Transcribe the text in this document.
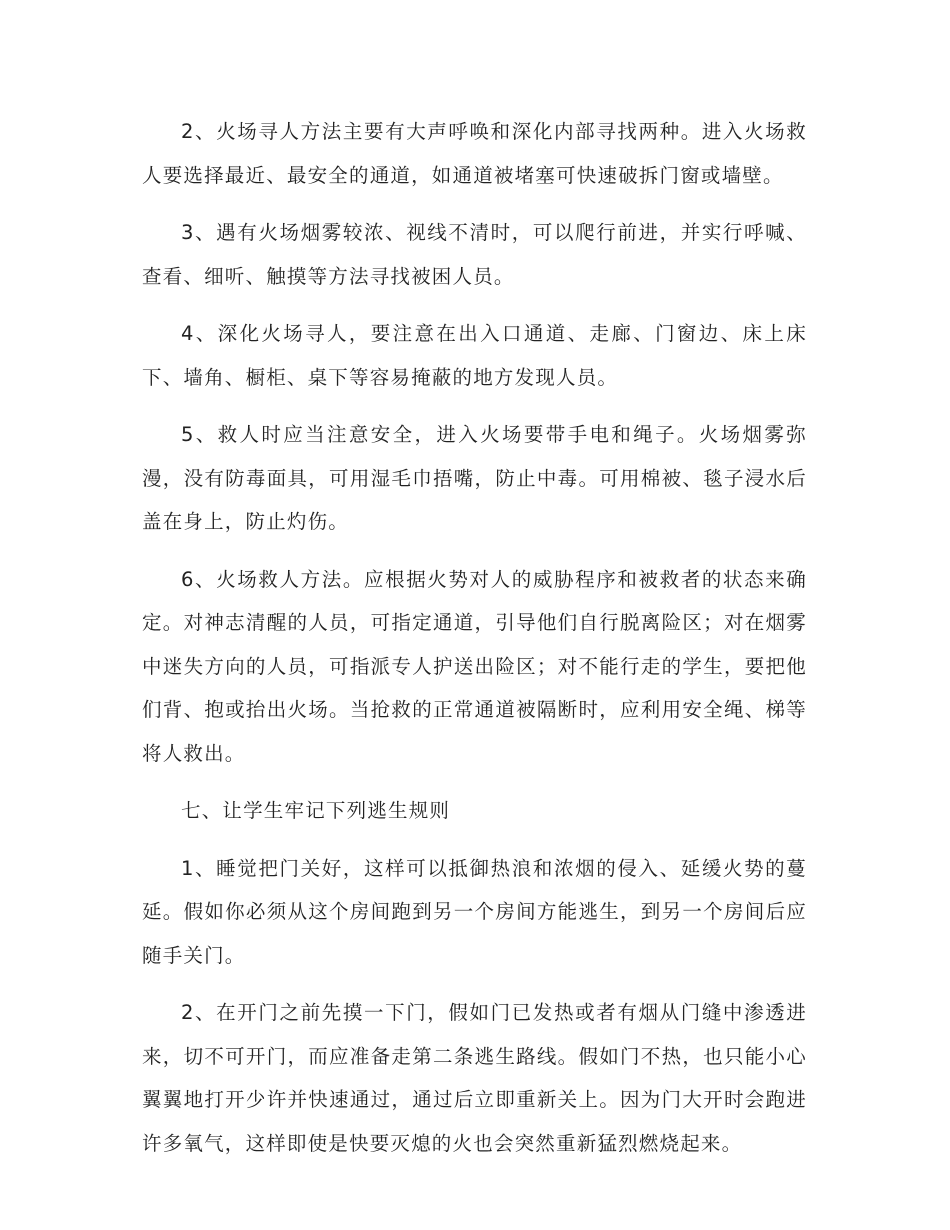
2、火场寻人方法主要有大声呼唤和深化内部寻找两种。进入火场救人要选择最近、最安全的通道，如通道被堵塞可快速破拆门窗或墙壁。

3、遇有火场烟雾较浓、视线不清时，可以爬行前进，并实行呼喊、查看、细听、触摸等方法寻找被困人员。

4、深化火场寻人，要注意在出入口通道、走廊、门窗边、床上床下、墙角、橱柜、桌下等容易掩蔽的地方发现人员。

5、救人时应当注意安全，进入火场要带手电和绳子。火场烟雾弥漫，没有防毒面具，可用湿毛巾捂嘴，防止中毒。可用棉被、毯子浸水后盖在身上，防止灼伤。

6、火场救人方法。应根据火势对人的威胁程序和被救者的状态来确定。对神志清醒的人员，可指定通道，引导他们自行脱离险区；对在烟雾中迷失方向的人员，可指派专人护送出险区；对不能行走的学生，要把他们背、抱或抬出火场。当抢救的正常通道被隔断时，应利用安全绳、梯等将人救出。

七、让学生牢记下列逃生规则

1、睡觉把门关好，这样可以抵御热浪和浓烟的侵入、延缓火势的蔓延。假如你必须从这个房间跑到另一个房间方能逃生，到另一个房间后应随手关门。

2、在开门之前先摸一下门，假如门已发热或者有烟从门缝中渗透进来，切不可开门，而应准备走第二条逃生路线。假如门不热，也只能小心翼翼地打开少许并快速通过，通过后立即重新关上。因为门大开时会跑进许多氧气，这样即使是快要灭熄的火也会突然重新猛烈燃烧起来。
